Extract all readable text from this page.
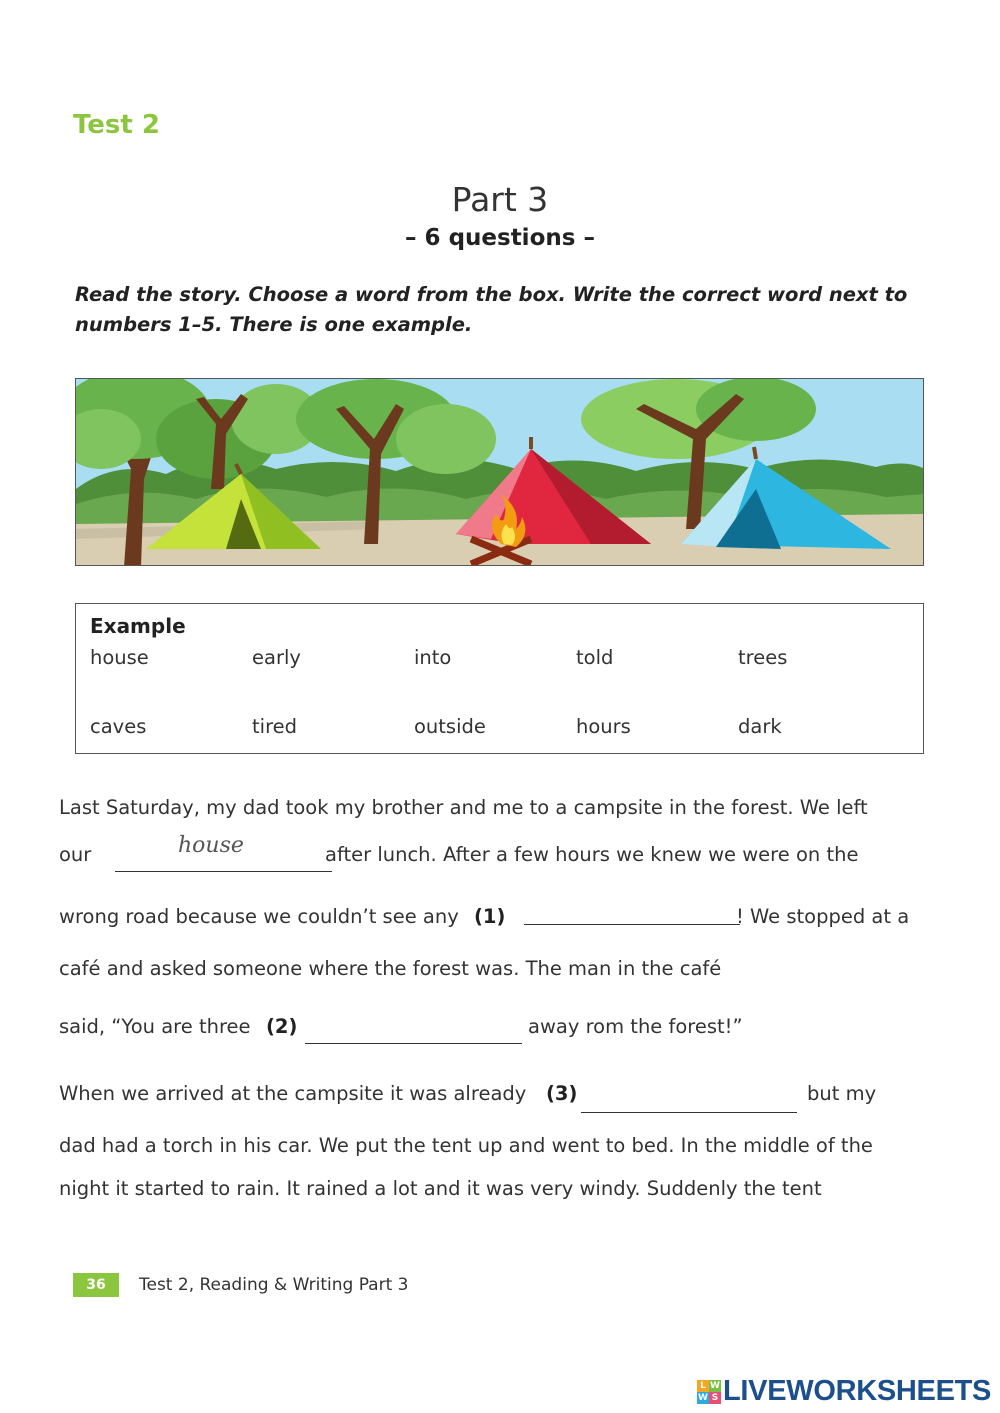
Test 2
Part 3
– 6 questions –
Read the story. Choose a word from the box. Write the correct word next to numbers 1–5. There is one example.
Example
house	early	into	told	trees
caves	tired	outside	hours	dark
Last Saturday, my dad took my brother and me to a campsite in the forest. We left
our	house	after lunch. After a few hours we knew we were on the
wrong road because we couldn’t see any (1)	! We stopped at a
café and asked someone where the forest was. The man in the café
said, “You are three (2)	away rom the forest!”
When we arrived at the campsite it was already (3)	but my
dad had a torch in his car. We put the tent up and went to bed. In the middle of the
night it started to rain. It rained a lot and it was very windy. Suddenly the tent
36	Test 2, Reading & Writing Part 3
L W
W S LIVEWORKSHEETS
